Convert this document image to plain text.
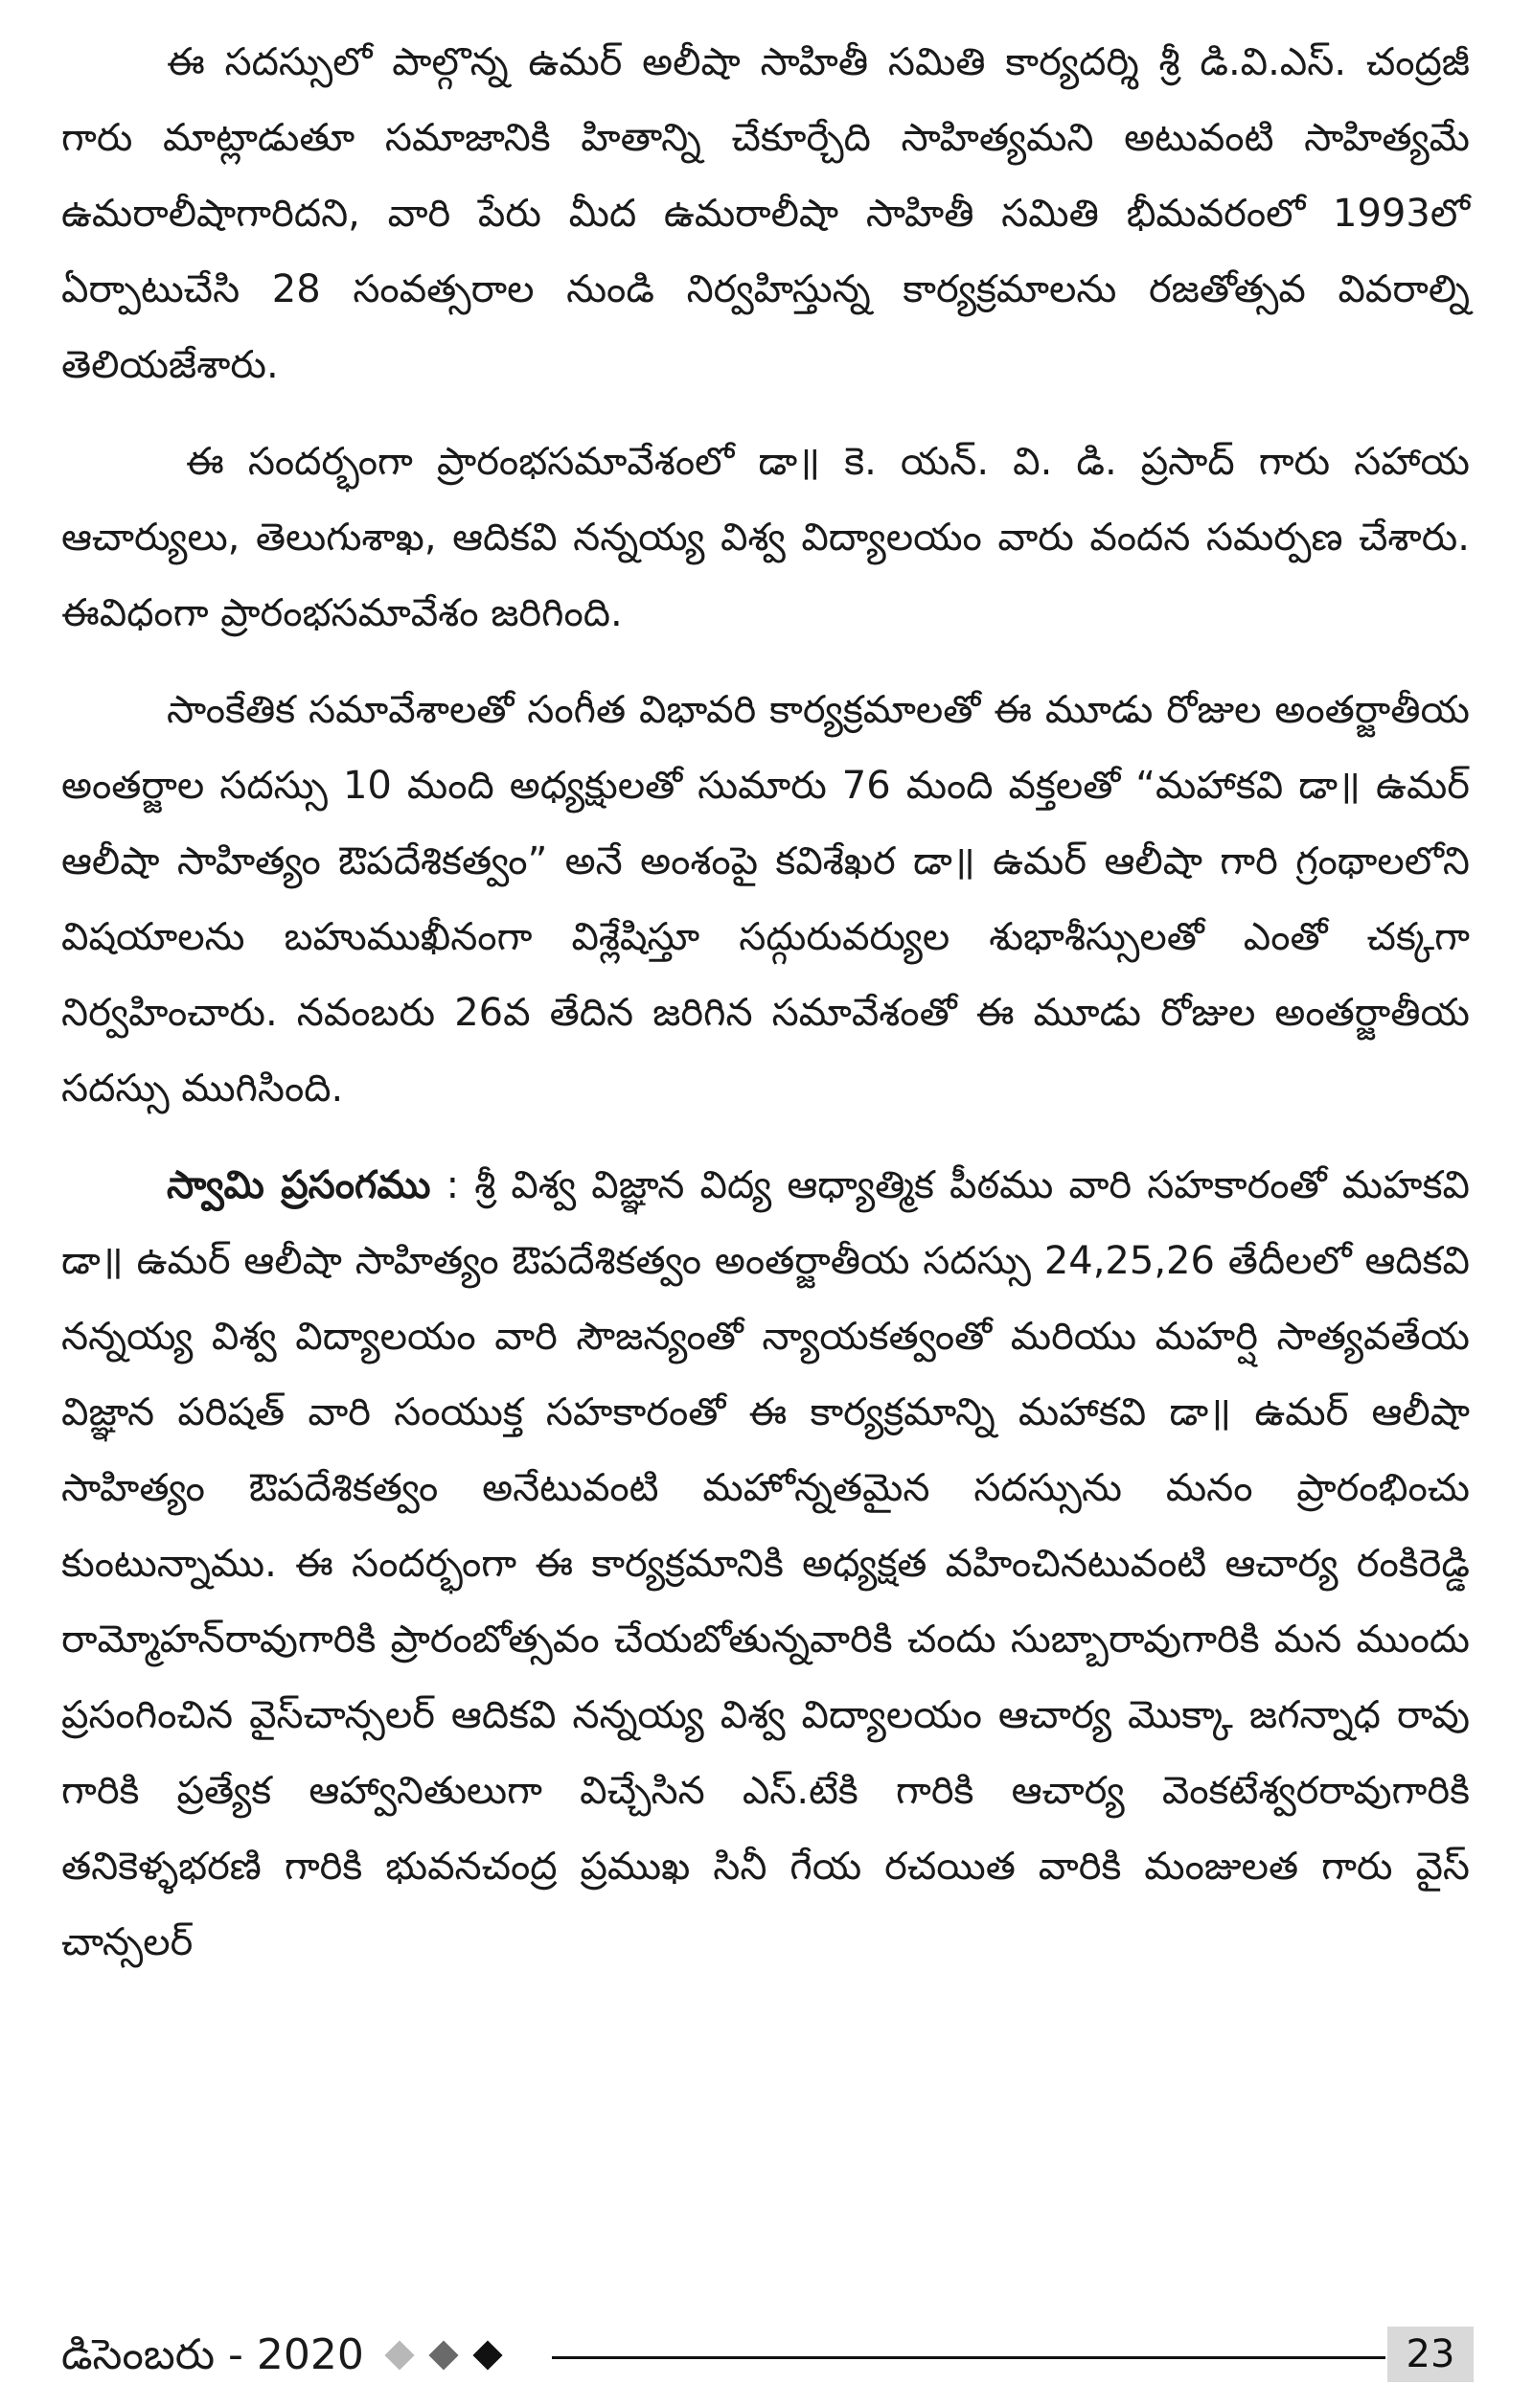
ఈ సదస్సులో పాల్గొన్న ఉమర్ అలీషా సాహితీ సమితి కార్యదర్శి శ్రీ డి.వి.ఎస్. చంద్రజీ గారు మాట్లాడుతూ సమాజానికి హితాన్ని చేకూర్చేది సాహిత్యమని అటువంటి సాహిత్యమే ఉమరాలీషాగారిదని, వారి పేరు మీద ఉమరాలీషా సాహితీ సమితి భీమవరంలో 1993లో ఏర్పాటుచేసి 28 సంవత్సరాల నుండి నిర్వహిస్తున్న కార్యక్రమాలను రజతోత్సవ వివరాల్ని తెలియజేశారు.

ఈ సందర్భంగా ప్రారంభసమావేశంలో డా॥ కె. యన్. వి. డి. ప్రసాద్ గారు సహాయ ఆచార్యులు, తెలుగుశాఖ, ఆదికవి నన్నయ్య విశ్వ విద్యాలయం వారు వందన సమర్పణ చేశారు. ఈవిధంగా ప్రారంభసమావేశం జరిగింది.

సాంకేతిక సమావేశాలతో సంగీత విభావరి కార్యక్రమాలతో ఈ మూడు రోజుల అంతర్జాతీయ అంతర్జాల సదస్సు 10 మంది అధ్యక్షులతో సుమారు 76 మంది వక్తలతో “మహాకవి డా॥ ఉమర్ ఆలీషా సాహిత్యం ఔపదేశికత్వం” అనే అంశంపై కవిశేఖర డా॥ ఉమర్ ఆలీషా గారి గ్రంథాలలోని విషయాలను బహుముఖీనంగా విశ్లేషిస్తూ సద్గురువర్యుల శుభాశీస్సులతో ఎంతో చక్కగా నిర్వహించారు. నవంబరు 26వ తేదిన జరిగిన సమావేశంతో ఈ మూడు రోజుల అంతర్జాతీయ సదస్సు ముగిసింది.

స్వామి ప్రసంగము : శ్రీ విశ్వ విజ్ఞాన విద్య ఆధ్యాత్మిక పీఠము వారి సహకారంతో మహకవి డా॥ ఉమర్ ఆలీషా సాహిత్యం ఔపదేశికత్వం అంతర్జాతీయ సదస్సు 24,25,26 తేదీలలో ఆదికవి నన్నయ్య విశ్వ విద్యాలయం వారి సౌజన్యంతో న్యాయకత్వంతో మరియు మహర్షి సాత్యవతేయ విజ్ఞాన పరిషత్ వారి సంయుక్త సహకారంతో ఈ కార్యక్రమాన్ని మహాకవి డా॥ ఉమర్ ఆలీషా సాహిత్యం ఔపదేశికత్వం అనేటువంటి మహోన్నతమైన సదస్సును మనం ప్రారంభించు కుంటున్నాము. ఈ సందర్భంగా ఈ కార్యక్రమానికి అధ్యక్షత వహించినటువంటి ఆచార్య రంకిరెడ్డి రామ్మోహన్‌రావుగారికి ప్రారంబోత్సవం చేయబోతున్నవారికి చందు సుబ్బారావుగారికి మన ముందు ప్రసంగించిన వైస్‌చాన్సలర్ ఆదికవి నన్నయ్య విశ్వ విద్యాలయం ఆచార్య మొక్కా జగన్నాధ రావు గారికి ప్రత్యేక ఆహ్వానితులుగా విచ్చేసిన ఎస్.టేకి గారికి ఆచార్య వెంకటేశ్వరరావుగారికి తనికెళ్ళభరణి గారికి భువనచంద్ర ప్రముఖ సినీ గేయ రచయిత వారికి మంజులత గారు వైస్ చాన్సలర్

డిసెంబరు - 2020	23
